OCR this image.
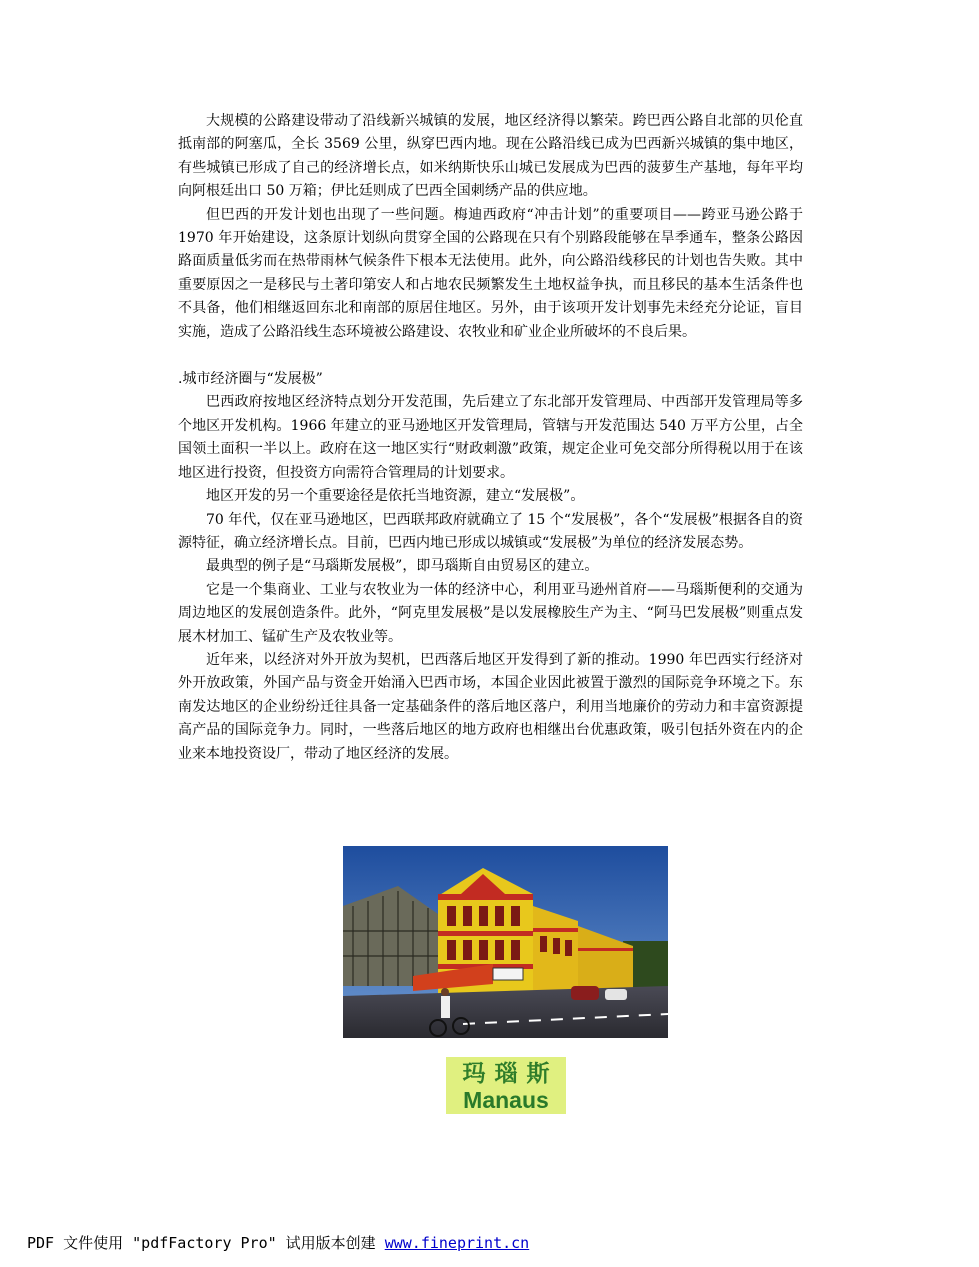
大规模的公路建设带动了沿线新兴城镇的发展，地区经济得以繁荣。跨巴西公路自北部的贝伦直抵南部的阿塞瓜，全长 3569 公里，纵穿巴西内地。现在公路沿线已成为巴西新兴城镇的集中地区，有些城镇已形成了自己的经济增长点，如米纳斯快乐山城已发展成为巴西的菠萝生产基地，每年平均向阿根廷出口 50 万箱；伊比廷则成了巴西全国刺绣产品的供应地。

但巴西的开发计划也出现了一些问题。梅迪西政府“冲击计划”的重要项目——跨亚马逊公路于 1970 年开始建设，这条原计划纵向贯穿全国的公路现在只有个别路段能够在旱季通车，整条公路因路面质量低劣而在热带雨林气候条件下根本无法使用。此外，向公路沿线移民的计划也告失败。其中重要原因之一是移民与土著印第安人和占地农民频繁发生土地权益争执，而且移民的基本生活条件也不具备，他们相继返回东北和南部的原居住地区。另外，由于该项开发计划事先未经充分论证，盲目实施，造成了公路沿线生态环境被公路建设、农牧业和矿业企业所破坏的不良后果。

.城市经济圈与“发展极”

巴西政府按地区经济特点划分开发范围，先后建立了东北部开发管理局、中西部开发管理局等多个地区开发机构。1966 年建立的亚马逊地区开发管理局，管辖与开发范围达 540 万平方公里，占全国领土面积一半以上。政府在这一地区实行“财政刺激”政策，规定企业可免交部分所得税以用于在该地区进行投资，但投资方向需符合管理局的计划要求。

地区开发的另一个重要途径是依托当地资源，建立“发展极”。

70 年代，仅在亚马逊地区，巴西联邦政府就确立了 15 个“发展极”，各个“发展极”根据各自的资源特征，确立经济增长点。目前，巴西内地已形成以城镇或“发展极”为单位的经济发展态势。

最典型的例子是“马瑙斯发展极”，即马瑙斯自由贸易区的建立。

它是一个集商业、工业与农牧业为一体的经济中心，利用亚马逊州首府——马瑙斯便利的交通为周边地区的发展创造条件。此外，“阿克里发展极”是以发展橡胶生产为主、“阿马巴发展极”则重点发展木材加工、锰矿生产及农牧业等。

近年来，以经济对外开放为契机，巴西落后地区开发得到了新的推动。1990 年巴西实行经济对外开放政策，外国产品与资金开始涌入巴西市场，本国企业因此被置于激烈的国际竞争环境之下。东南发达地区的企业纷纷迁往具备一定基础条件的落后地区落户，利用当地廉价的劳动力和丰富资源提高产品的国际竞争力。同时，一些落后地区的地方政府也相继出台优惠政策，吸引包括外资在内的企业来本地投资设厂，带动了地区经济的发展。

玛瑙斯
Manaus
PDF 文件使用 "pdfFactory Pro" 试用版本创建 www.fineprint.cn
